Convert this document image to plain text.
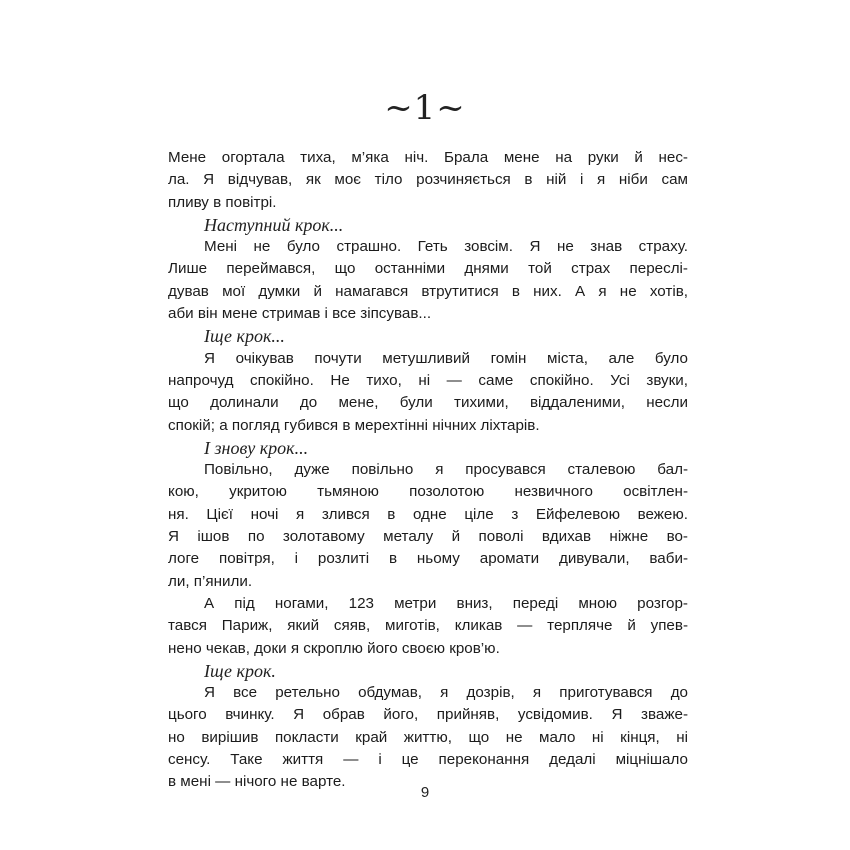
~1~
Мене огортала тиха, м’яка ніч. Брала мене на руки й нес-
ла. Я відчував, як моє тіло розчиняється в ній і я ніби сам
пливу в повітрі.
Наступний крок...
Мені не було страшно. Геть зовсім. Я не знав страху.
Лише переймався, що останніми днями той страх переслі-
дував мої думки й намагався втрутитися в них. А я не хотів,
аби він мене стримав і все зіпсував...
Іще крок...
Я очікував почути метушливий гомін міста, але було
напрочуд спокійно. Не тихо, ні — саме спокійно. Усі звуки,
що долинали до мене, були тихими, віддаленими, несли
спокій; а погляд губився в мерехтінні нічних ліхтарів.
І знову крок...
Повільно, дуже повільно я просувався сталевою бал-
кою, укритою тьмяною позолотою незвичного освітлен-
ня. Цієї ночі я злився в одне ціле з Ейфелевою вежею.
Я ішов по золотавому металу й поволі вдихав ніжне во-
логе повітря, і розлиті в ньому аромати дивували, ваби-
ли, п’янили.
А під ногами, 123 метри вниз, переді мною розгор-
тався Париж, який сяяв, миготів, кликав — терпляче й упев-
нено чекав, доки я скроплю його своєю кров’ю.
Іще крок.
Я все ретельно обдумав, я дозрів, я приготувався до
цього вчинку. Я обрав його, прийняв, усвідомив. Я зваже-
но вирішив покласти край життю, що не мало ні кінця, ні
сенсу. Таке життя — і це переконання дедалі міцнішало
в мені — нічого не варте.
9
